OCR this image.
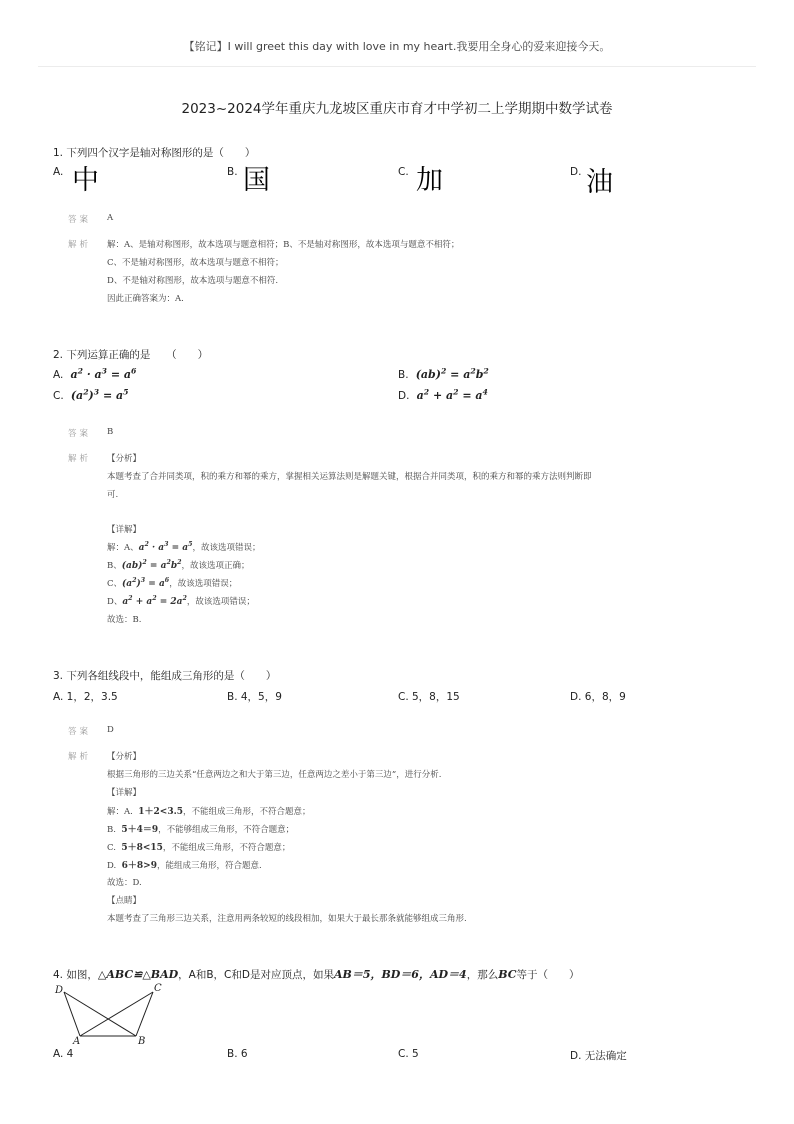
【铭记】I will greet this day with love in my heart.我要用全身心的爱来迎接今天。
2023~2024学年重庆九龙坡区重庆市育才中学初二上学期期中数学试卷
1. 下列四个汉字是轴对称图形的是（　　）
A. 中	B. 国	C. 加	D. 油
答案 A
解析 解：A、是轴对称图形，故本选项与题意相符；B、不是轴对称图形，故本选项与题意不相符；
C、不是轴对称图形，故本选项与题意不相符；
D、不是轴对称图形，故本选项与题意不相符.
因此正确答案为：A.
2. 下列运算正确的是　　（　　）
A.  $a^2 \cdot a^3 = a^6$	B.  $(ab)^2 = a^2b^2$
C.  $(a^2)^3 = a^5$	D.  $a^2 + a^2 = a^4$
答案 B
解析 【分析】
本题考查了合并同类项，积的乘方和幂的乘方，掌握相关运算法则是解题关键，根据合并同类项，积的乘方和幂的乘方法则判断即
可.
【详解】
解：A、$a^2 \cdot a^3 = a^5$，故该选项错误；
B、$(ab)^2 = a^2b^2$，故该选项正确；
C、$(a^2)^3 = a^6$，故该选项错误；
D、$a^2 + a^2 = 2a^2$，故该选项错误；
故选：B.
3. 下列各组线段中，能组成三角形的是（　　）
A. 1，2，3.5	B. 4，5，9	C. 5，8，15	D. 6，8，9
答案 D
解析 【分析】
根据三角形的三边关系“任意两边之和大于第三边，任意两边之差小于第三边”，进行分析.
【详解】
解：A. 1＋2<3.5，不能组成三角形，不符合题意；
B. 5＋4＝9，不能够组成三角形，不符合题意；
C. 5＋8<15，不能组成三角形，不符合题意；
D. 6＋8>9，能组成三角形，符合题意.
故选：D.
【点睛】
本题考查了三角形三边关系，注意用两条较短的线段相加，如果大于最长那条就能够组成三角形.
4. 如图，△ABC≌△BAD，A和B，C和D是对应顶点，如果AB＝5，BD＝6，AD＝4，那么BC等于（　　）
D	C
A	B
A. 4	B. 6	C. 5	D. 无法确定
